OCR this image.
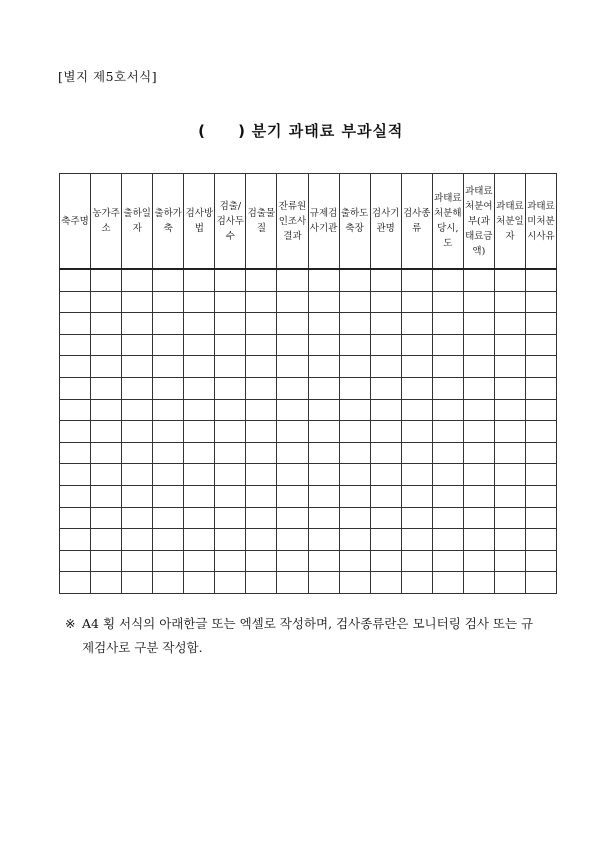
[별지 제5호서식]
( ) 분기 과태료 부과실적
축주명	농가주소	출하일자	출하가축	검사방법	검출/검사두수	검출물질	잔류원인조사결과	규제검사기관	출하도축장	검사기관명	검사종류	과태료처분해당시,도	과태료처분여부(과태료금액)	과태료처분일자	과태료미처분시사유

※ A4 횡 서식의 아래한글 또는 엑셀로 작성하며, 검사종류란은 모니터링 검사 또는 규제검사로 구분 작성함.
